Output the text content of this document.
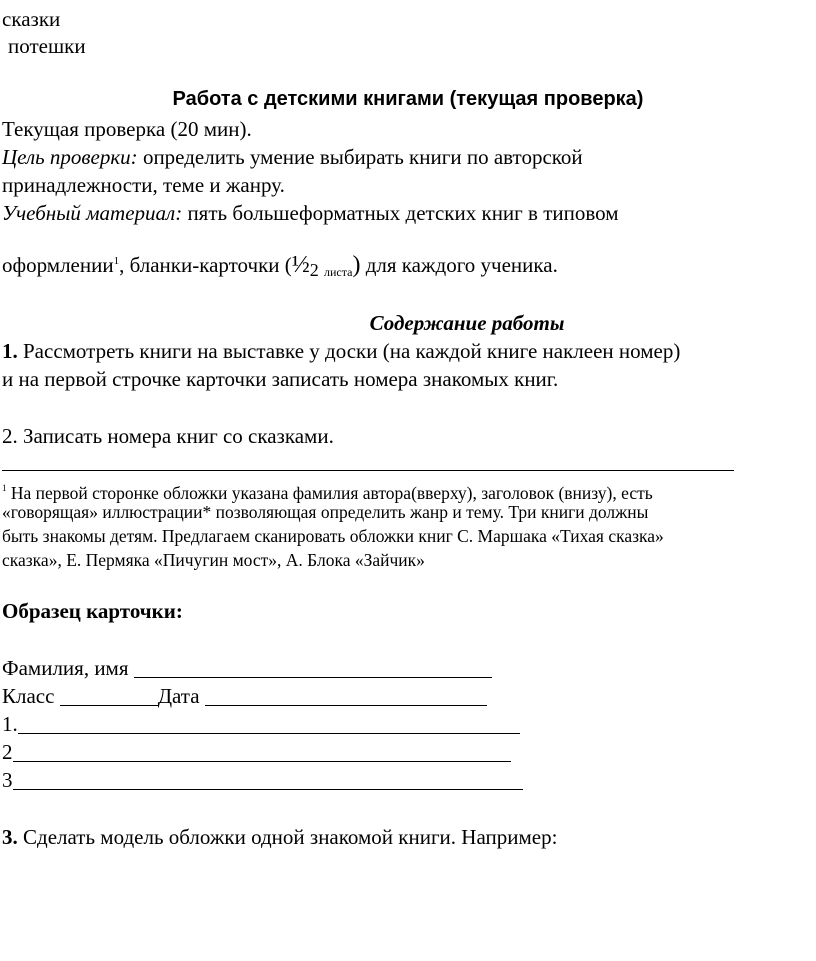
сказки
потешки
Работа с детскими книгами (текущая проверка)
Текущая проверка (20 мин).
Цель проверки: определить умение выбирать книги по авторской
принадлежности, теме и жанру.
Учебный материал: пять большеформатных детских книг в типовом
оформлении$^1$, бланки-карточки (½2 листа) для каждого ученика.
Содержание работы
1. Рассмотреть книги на выставке у доски (на каждой книге наклеен номер)
и на первой строчке карточки записать номера знакомых книг.
2. Записать номера книг со сказками.
$^1$ На первой сторонке обложки указана фамилия автора(вверху), заголовок (внизу), есть
«говорящая» иллюстрации* позволяющая определить жанр и тему. Три книги должны
быть знакомы детям. Предлагаем сканировать обложки книг С. Маршака «Тихая сказка»
сказка», Е. Пермяка «Пичугин мост», А. Блока «Зайчик»
Образец карточки:
Фамилия, имя
Класс	Дата
1.
2
3
3. Сделать модель обложки одной знакомой книги. Например:
